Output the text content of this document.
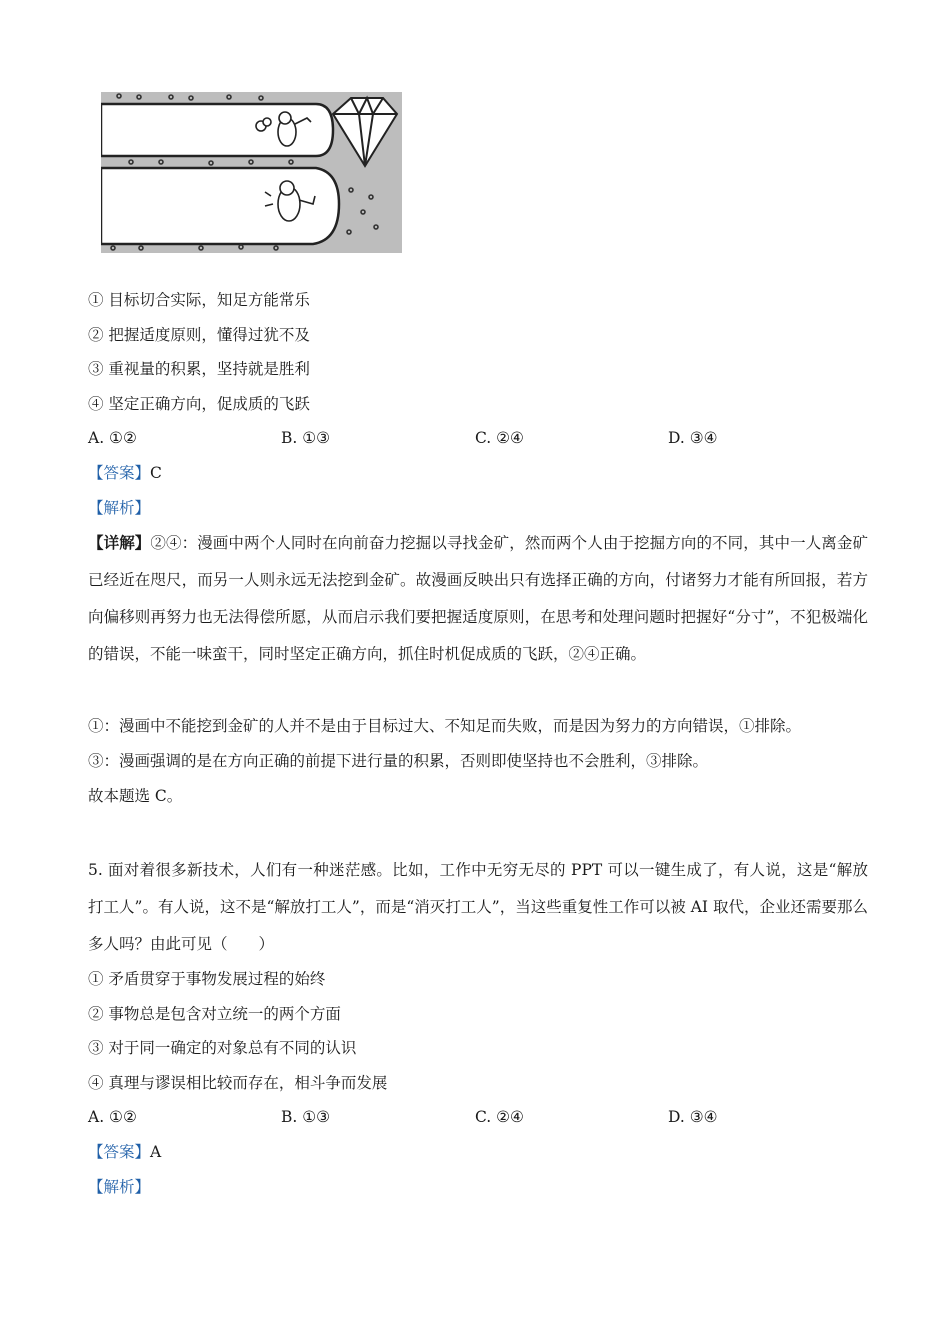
① 目标切合实际，知足方能常乐
② 把握适度原则，懂得过犹不及
③ 重视量的积累，坚持就是胜利
④ 坚定正确方向，促成质的飞跃
A. ①②	B. ①③	C. ②④	D. ③④
【答案】C
【解析】
【详解】②④：漫画中两个人同时在向前奋力挖掘以寻找金矿，然而两个人由于挖掘方向的不同，其中一人离金矿已经近在咫尺，而另一人则永远无法挖到金矿。故漫画反映出只有选择正确的方向，付诸努力才能有所回报，若方向偏移则再努力也无法得偿所愿，从而启示我们要把握适度原则，在思考和处理问题时把握好“分寸”，不犯极端化的错误，不能一味蛮干，同时坚定正确方向，抓住时机促成质的飞跃，②④正确。
①：漫画中不能挖到金矿的人并不是由于目标过大、不知足而失败，而是因为努力的方向错误，①排除。
③：漫画强调的是在方向正确的前提下进行量的积累，否则即使坚持也不会胜利，③排除。
故本题选 C。
5. 面对着很多新技术，人们有一种迷茫感。比如，工作中无穷无尽的 PPT 可以一键生成了，有人说，这是“解放打工人”。有人说，这不是“解放打工人”，而是“消灭打工人”，当这些重复性工作可以被 AI 取代，企业还需要那么多人吗？由此可见（　　）
① 矛盾贯穿于事物发展过程的始终
② 事物总是包含对立统一的两个方面
③ 对于同一确定的对象总有不同的认识
④ 真理与谬误相比较而存在，相斗争而发展
A. ①②	B. ①③	C. ②④	D. ③④
【答案】A
【解析】
